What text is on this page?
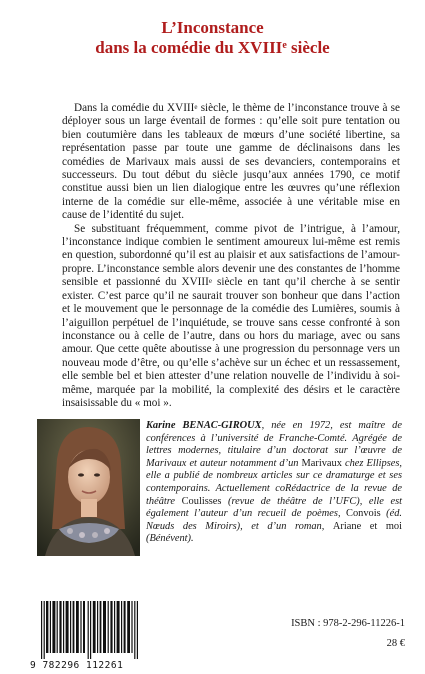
L’Inconstance
dans la comédie du XVIIIe siècle

Dans la comédie du XVIIIe siècle, le thème de l’inconstance trouve à se déployer sous un large éventail de formes : qu’elle soit pure tentation ou bien coutumière dans les tableaux de mœurs d’une société libertine, sa représentation passe par toute une gamme de déclinaisons dans les comédies de Marivaux mais aussi de ses devanciers, contemporains et successeurs. Du tout début du siècle jusqu’aux années 1790, ce motif constitue aussi bien un lien dialogique entre les œuvres qu’une réflexion interne de la comédie sur elle-même, associée à une véritable mise en cause de l’identité du sujet.

Se substituant fréquemment, comme pivot de l’intrigue, à l’amour, l’inconstance indique combien le sentiment amoureux lui-même est remis en question, subordonné qu’il est au plaisir et aux satisfactions de l’amour-propre. L’inconstance semble alors devenir une des constantes de l’homme sensible et passionné du XVIIIe siècle en tant qu’il cherche à se sentir exister. C’est parce qu’il ne saurait trouver son bonheur que dans l’action et le mouvement que le personnage de la comédie des Lumières, soumis à l’aiguillon perpétuel de l’inquiétude, se trouve sans cesse confronté à son inconstance ou à celle de l’autre, dans ou hors du mariage, avec ou sans amour. Que cette quête aboutisse à une progression du personnage vers un nouveau mode d’être, ou qu’elle s’achève sur un échec et un ressassement, elle semble bel et bien attester d’une relation nouvelle de l’individu à soi-même, marquée par la mobilité, la complexité des désirs et le caractère insaisissable du « moi ».

Karine BENAC-GIROUX, née en 1972, est maître de conférences à l’université de Franche-Comté. Agrégée de lettres modernes, titulaire d’un doctorat sur l’œuvre de Marivaux et auteur notamment d’un Marivaux chez Ellipses, elle a publié de nombreux articles sur ce dramaturge et ses contemporains. Actuellement coRédactrice de la revue de théâtre Coulisses (revue de théâtre de l’UFC), elle est également l’auteur d’un recueil de poèmes, Convois (éd. Nœuds des Miroirs), et d’un roman, Ariane et moi (Bénévent).
9 782296 112261
ISBN : 978-2-296-11226-1
28 €
